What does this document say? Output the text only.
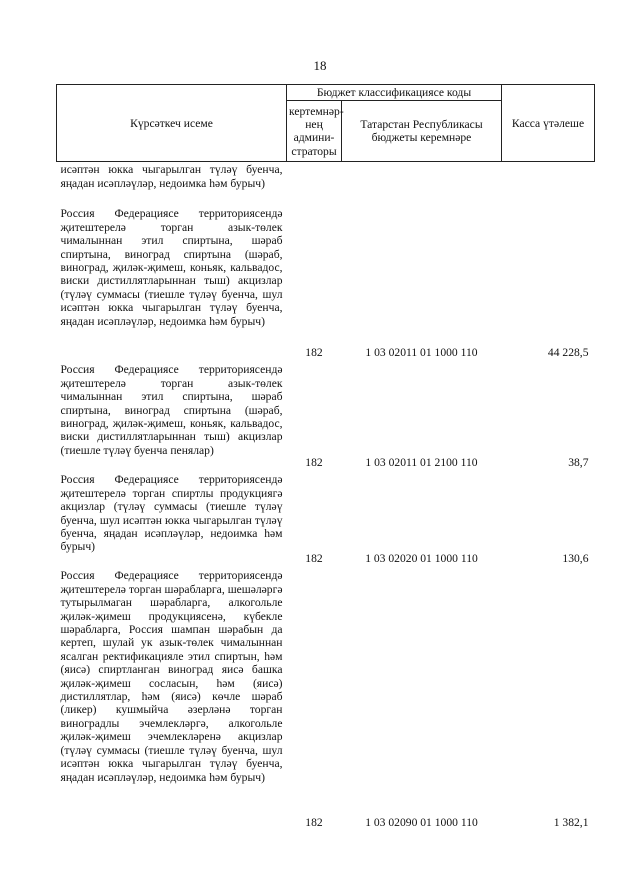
18
Күрсәткеч исеме	Бюджет классификациясе коды		Касса үтәлеше
	кертемнәр-нең админи-страторы	Татарстан Республикасы бюджеты керемнәре	
исәптән юкка чыгарылган түләү буенча, яңадан исәпләүләр, недоимка һәм бурыч)			
Россия Федерациясе территориясендә җитештерелә торган азык-төлек чималыннан этил спиртына, шәраб спиртына, виноград спиртына (шәраб, виноград, җиләк-җимеш, коньяк, кальвадос, виски дистиллятларыннан тыш) акцизлар (түләү суммасы (тиешле түләү буенча, шул исәптән юкка чыгарылган түләү буенча, яңадан исәпләүләр, недоимка һәм бурыч)	182	1 03 02011 01 1000 110	44 228,5
Россия Федерациясе территориясендә җитештерелә торган азык-төлек чималыннан этил спиртына, шәраб спиртына, виноград спиртына (шәраб, виноград, җиләк-җимеш, коньяк, кальвадос, виски дистиллятларыннан тыш) акцизлар (тиешле түләү буенча пенялар)	182	1 03 02011 01 2100 110	38,7
Россия Федерациясе территориясендә җитештерелә торган спиртлы продукциягә акцизлар (түләү суммасы (тиешле түләү буенча, шул исәптән юкка чыгарылган түләү буенча, яңадан исәпләүләр, недоимка һәм бурыч)	182	1 03 02020 01 1000 110	130,6
Россия Федерациясе территориясендә җитештерелә торган шәрабларга, шешәләргә тутырылмаган шәрабларга, алкогольле җиләк-җимеш продукциясенә, күбекле шәрабларга, Россия шампан шәрабын да кертеп, шулай ук азык-төлек чималыннан ясалган ректификацияле этил спиртын, һәм (яисә) спиртланган виноград яисә башка җиләк-җимеш сосласын, һәм (яисә) дистиллятлар, һәм (яисә) көчле шәраб (ликер) кушмыйча әзерләнә торган виноградлы эчемлекләргә, алкогольле җиләк-җимеш эчемлекләренә акцизлар (түләү суммасы (тиешле түләү буенча, шул исәптән юкка чыгарылган түләү буенча, яңадан исәпләүләр, недоимка һәм бурыч)	182	1 03 02090 01 1000 110	1 382,1
